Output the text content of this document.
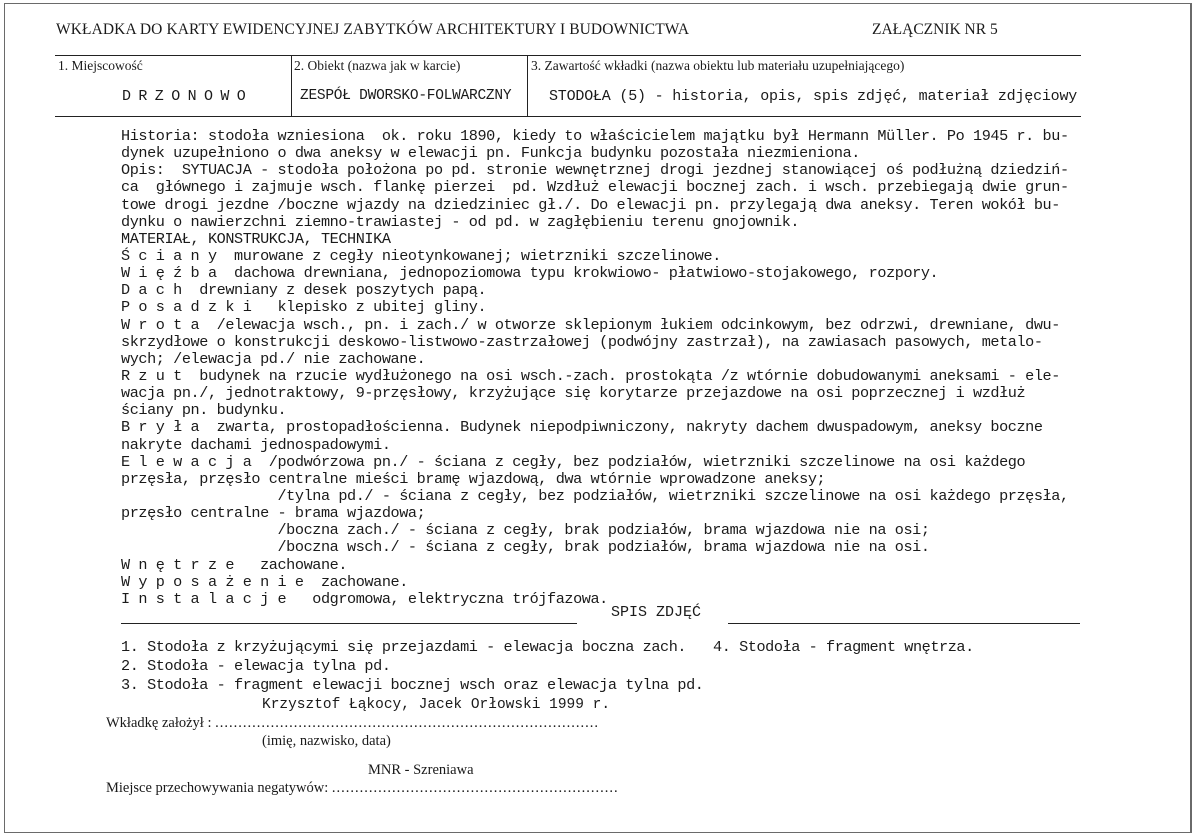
WKŁADKA DO KARTY EWIDENCYJNEJ ZABYTKÓW ARCHITEKTURY I BUDOWNICTWA	ZAŁĄCZNIK NR 5
1. Miejscowość	2. Obiekt (nazwa jak w karcie)	3. Zawartość wkładki (nazwa obiektu lub materiału uzupełniającego)
DRZONOWO	ZESPÓŁ DWORSKO-FOLWARCZNY	STODOŁA (5) - historia, opis, spis zdjęć, materiał zdjęciowy
Historia: stodoła wzniesiona  ok. roku 1890, kiedy to właścicielem majątku był Hermann Müller. Po 1945 r. bu-
dynek uzupełniono o dwa aneksy w elewacji pn. Funkcja budynku pozostała niezmieniona.
Opis:  SYTUACJA - stodoła położona po pd. stronie wewnętrznej drogi jezdnej stanowiącej oś podłużną dziedziń-
ca  głównego i zajmuje wsch. flankę pierzei  pd. Wzdłuż elewacji bocznej zach. i wsch. przebiegają dwie grun-
towe drogi jezdne /boczne wjazdy na dziedziniec gł./. Do elewacji pn. przylegają dwa aneksy. Teren wokół bu-
dynku o nawierzchni ziemno-trawiastej - od pd. w zagłębieniu terenu gnojownik.
MATERIAŁ, KONSTRUKCJA, TECHNIKA
Ś c i a n y  murowane z cegły nieotynkowanej; wietrzniki szczelinowe.
W i ę ź b a  dachowa drewniana, jednopoziomowa typu krokwiowo- płatwiowo-stojakowego, rozpory.
D a c h  drewniany z desek poszytych papą.
P o s a d z k i   klepisko z ubitej gliny.
W r o t a  /elewacja wsch., pn. i zach./ w otworze sklepionym łukiem odcinkowym, bez odrzwi, drewniane, dwu-
skrzydłowe o konstrukcji deskowo-listwowo-zastrzałowej (podwójny zastrzał), na zawiasach pasowych, metalo-
wych; /elewacja pd./ nie zachowane.
R z u t  budynek na rzucie wydłużonego na osi wsch.-zach. prostokąta /z wtórnie dobudowanymi aneksami - ele-
wacja pn./, jednotraktowy, 9-przęsłowy, krzyżujące się korytarze przejazdowe na osi poprzecznej i wzdłuż
ściany pn. budynku.
B r y ł a  zwarta, prostopadłościenna. Budynek niepodpiwniczony, nakryty dachem dwuspadowym, aneksy boczne
nakryte dachami jednospadowymi.
E l e w a c j a  /podwórzowa pn./ - ściana z cegły, bez podziałów, wietrzniki szczelinowe na osi każdego
przęsła, przęsło centralne mieści bramę wjazdową, dwa wtórnie wprowadzone aneksy;
/tylna pd./ - ściana z cegły, bez podziałów, wietrzniki szczelinowe na osi każdego przęsła,
przęsło centralne - brama wjazdowa;
/boczna zach./ - ściana z cegły, brak podziałów, brama wjazdowa nie na osi;
/boczna wsch./ - ściana z cegły, brak podziałów, brama wjazdowa nie na osi.
W n ę t r z e   zachowane.
W y p o s a ż e n i e  zachowane.
I n s t a l a c j e   odgromowa, elektryczna trójfazowa.
SPIS ZDJĘĆ
1. Stodoła z krzyżującymi się przejazdami - elewacja boczna zach.
2. Stodoła - elewacja tylna pd.
3. Stodoła - fragment elewacji bocznej wsch oraz elewacja tylna pd.
4. Stodoła - fragment wnętrza.
Krzysztof Łąkocy, Jacek Orłowski 1999 r.
Wkładkę założył : ...................................................................................
(imię, nazwisko, data)
MNR - Szreniawa
Miejsce przechowywania negatywów: ..............................................................
